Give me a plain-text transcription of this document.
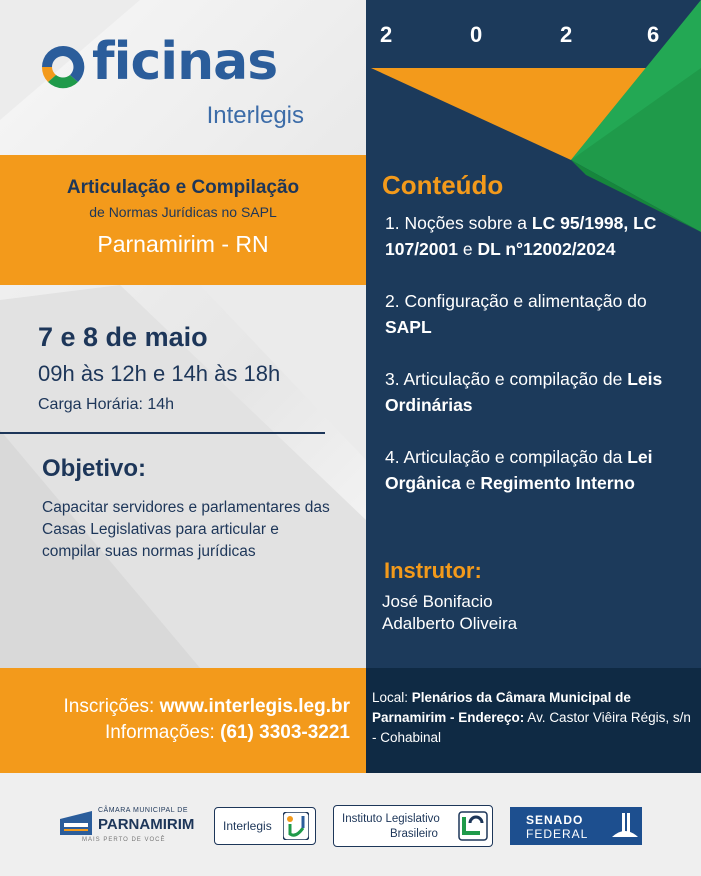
ficinas
Interlegis
Articulação e Compilação
de Normas Jurídicas no SAPL
Parnamirim - RN
7 e 8 de maio
09h às 12h e 14h às 18h
Carga Horária: 14h
Objetivo:
Capacitar servidores e parlamentares das Casas Legislativas para articular e compilar suas normas jurídicas
2	0	2	6
Conteúdo
1. Noções sobre a LC 95/1998, LC 107/2001 e DL n°12002/2024
2. Configuração e alimentação do SAPL
3. Articulação e compilação de Leis Ordinárias
4. Articulação e compilação da Lei Orgânica e Regimento Interno
Instrutor:
José Bonifacio
Adalberto Oliveira
Inscrições: www.interlegis.leg.br
Informações: (61) 3303-3221
Local: Plenários da Câmara Municipal de Parnamirim - Endereço: Av. Castor Viêira Régis, s/n - Cohabinal
CÂMARA MUNICIPAL DE
PARNAMIRIM
MAIS PERTO DE VOCÊ
Interlegis	Instituto Legislativo
Brasileiro
SENADO
FEDERAL
